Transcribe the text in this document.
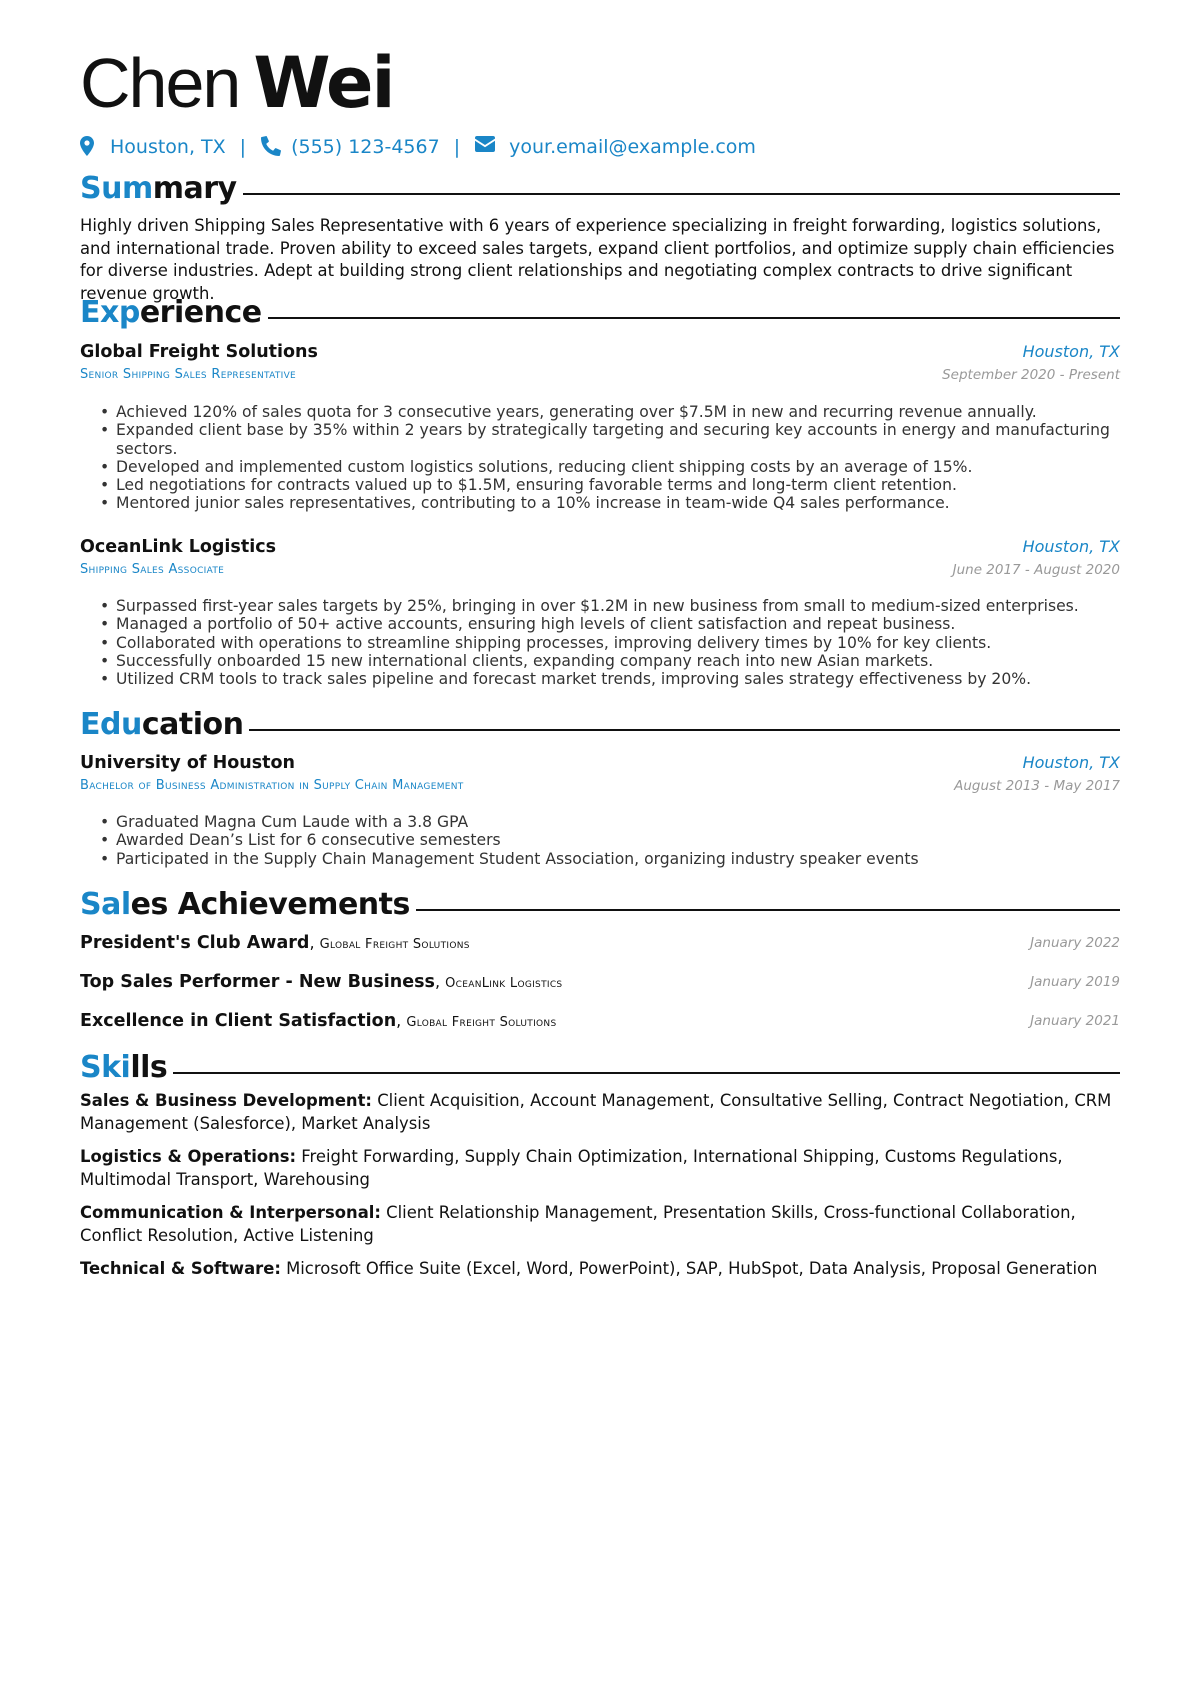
Chen Wei
Houston, TX | (555) 123-4567 |	your.email@example.com
Summary

Highly driven Shipping Sales Representative with 6 years of experience specializing in freight forwarding, logistics solutions, and international trade. Proven ability to exceed sales targets, expand client portfolios, and optimize supply chain efficiencies for diverse industries. Adept at building strong client relationships and negotiating complex contracts to drive significant revenue growth.

Experience
Global Freight Solutions	Houston, TX
Senior Shipping Sales Representative	September 2020 - Present
• Achieved 120% of sales quota for 3 consecutive years, generating over $7.5M in new and recurring revenue annually.
• Expanded client base by 35% within 2 years by strategically targeting and securing key accounts in energy and manufacturing sectors.
• Developed and implemented custom logistics solutions, reducing client shipping costs by an average of 15%.
• Led negotiations for contracts valued up to $1.5M, ensuring favorable terms and long-term client retention.
• Mentored junior sales representatives, contributing to a 10% increase in team-wide Q4 sales performance.
OceanLink Logistics	Houston, TX
Shipping Sales Associate	June 2017 - August 2020
• Surpassed first-year sales targets by 25%, bringing in over $1.2M in new business from small to medium-sized enterprises.
• Managed a portfolio of 50+ active accounts, ensuring high levels of client satisfaction and repeat business.
• Collaborated with operations to streamline shipping processes, improving delivery times by 10% for key clients.
• Successfully onboarded 15 new international clients, expanding company reach into new Asian markets.
• Utilized CRM tools to track sales pipeline and forecast market trends, improving sales strategy effectiveness by 20%.
Education
University of Houston	Houston, TX
Bachelor of Business Administration in Supply Chain Management	August 2013 - May 2017
• Graduated Magna Cum Laude with a 3.8 GPA
• Awarded Dean’s List for 6 consecutive semesters
• Participated in the Supply Chain Management Student Association, organizing industry speaker events
Sales Achievements
President's Club Award, Global Freight Solutions	January 2022
Top Sales Performer - New Business, OceanLink Logistics	January 2019
Excellence in Client Satisfaction, Global Freight Solutions	January 2021
Skills

Sales & Business Development: Client Acquisition, Account Management, Consultative Selling, Contract Negotiation, CRM Management (Salesforce), Market Analysis

Logistics & Operations: Freight Forwarding, Supply Chain Optimization, International Shipping, Customs Regulations, Multimodal Transport, Warehousing

Communication & Interpersonal: Client Relationship Management, Presentation Skills, Cross-functional Collaboration, Conflict Resolution, Active Listening

Technical & Software: Microsoft Office Suite (Excel, Word, PowerPoint), SAP, HubSpot, Data Analysis, Proposal Generation
